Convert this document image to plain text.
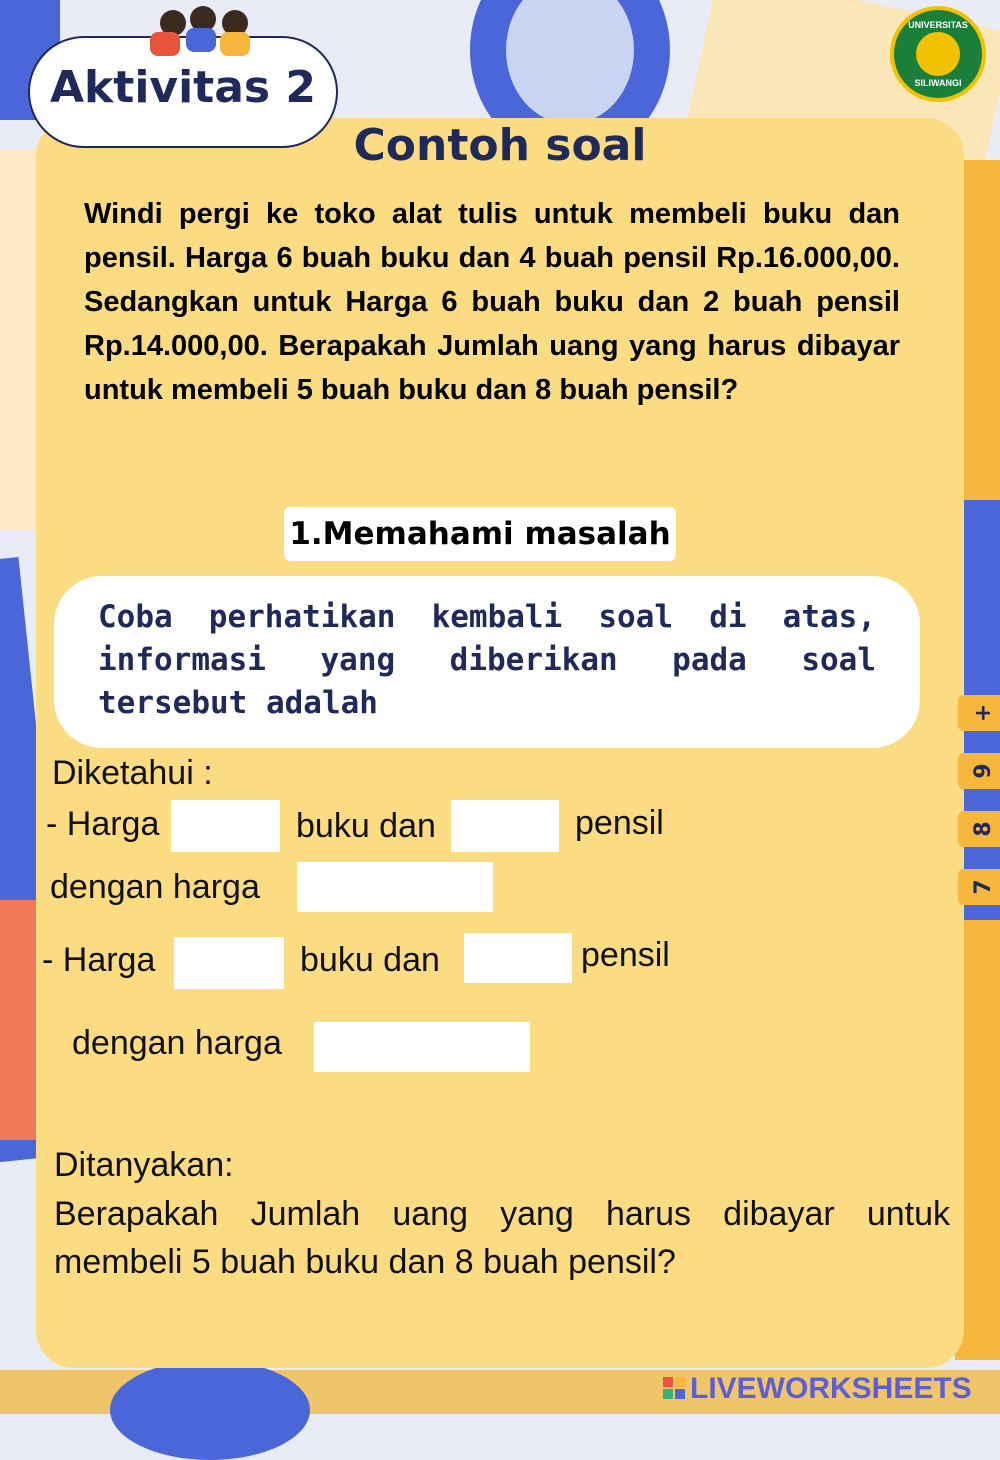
+
9
8
7
UNIVERSITAS
SILIWANGI
Aktivitas 2
Contoh soal
Windi pergi ke toko alat tulis untuk membeli buku dan pensil. Harga 6 buah buku dan 4 buah pensil Rp.16.000,00. Sedangkan untuk Harga 6 buah buku dan 2 buah pensil Rp.14.000,00. Berapakah Jumlah uang yang harus dibayar untuk membeli 5 buah buku dan 8 buah pensil?
1.Memahami masalah
Coba perhatikan kembali soal di atas, informasi yang diberikan pada soal tersebut adalah
Diketahui :
- Harga	buku dan	pensil
dengan harga
- Harga	buku dan	pensil
dengan harga
Ditanyakan:
Berapakah Jumlah uang yang harus dibayar untuk membeli 5 buah buku dan 8 buah pensil?
LIVEWORKSHEETS
